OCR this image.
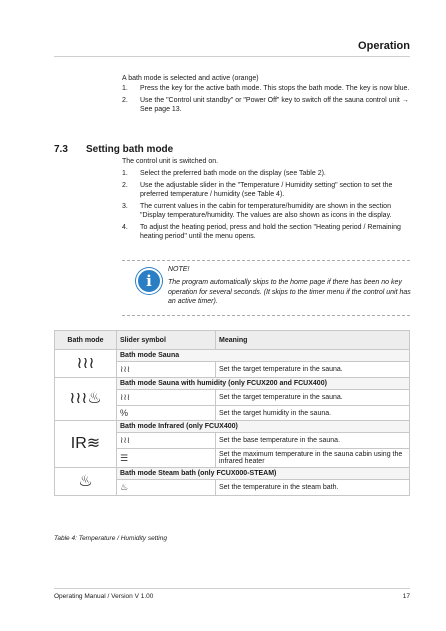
Operation
A bath mode is selected and active (orange)
1. Press the key for the active bath mode. This stops the bath mode. The key is now blue.
2. Use the "Control unit standby" or "Power Off" key to switch off the sauna control unit → See page 13.
7.3 Setting bath mode
The control unit is switched on.
1. Select the preferred bath mode on the display (see Table 2).
2. Use the adjustable slider in the "Temperature / Humidity setting" section to set the preferred temperature / humidity (see Table 4).
3. The current values in the cabin for temperature/humidity are shown in the section "Display temperature/humidity. The values are also shown as icons in the display.
4. To adjust the heating period, press and hold the section "Heating period / Remaining heating period" until the menu opens.
i
NOTE!
The program automatically skips to the home page if there has been no key operation for several seconds. (It skips to the timer menu if the control unit has an active timer).
Bath mode	Slider symbol	Meaning
≀≀≀	Bath mode Sauna	
	≀≀≀	Set the target temperature in the sauna.
≀≀≀♨	Bath mode Sauna with humidity (only FCUX200 and FCUX400)	
	≀≀≀	Set the target temperature in the sauna.
	%	Set the target humidity in the sauna.
IR≋	Bath mode Infrared (only FCUX400)	
	≀≀≀	Set the base temperature in the sauna.
	☰	Set the maximum temperature in the sauna cabin using the infrared heater
♨	Bath mode Steam bath (only FCUX000-STEAM)	
	♨	Set the temperature in the steam bath.
Table 4: Temperature / Humidity setting
Operating Manual / Version V 1.00	17
